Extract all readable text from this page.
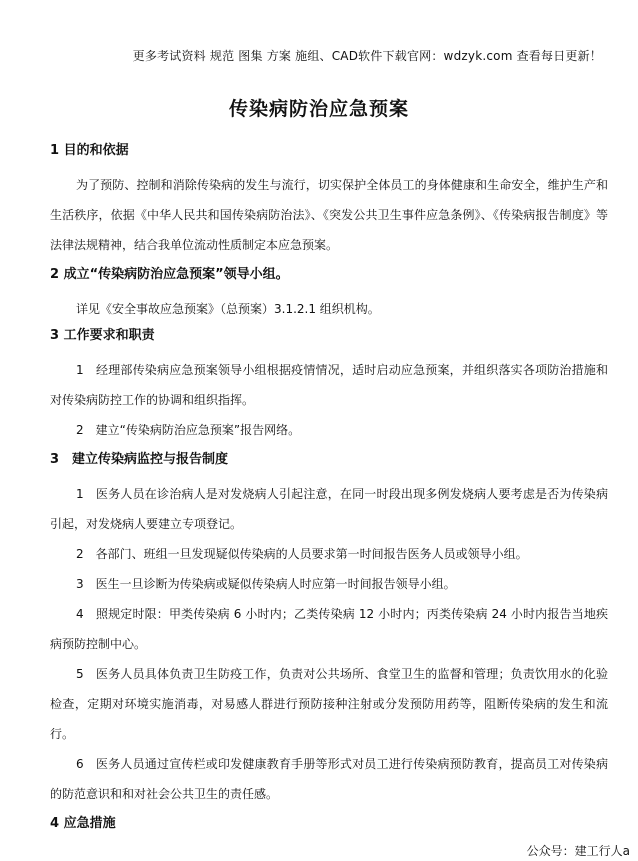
更多考试资料 规范 图集 方案 施组、CAD软件下载官网：wdzyk.com 查看每日更新！
传染病防治应急预案
1 目的和依据
为了预防、控制和消除传染病的发生与流行，切实保护全体员工的身体健康和生命安全，维护生产和生活秩序，依据《中华人民共和国传染病防治法》、《突发公共卫生事件应急条例》、《传染病报告制度》等法律法规精神，结合我单位流动性质制定本应急预案。
2 成立“传染病防治应急预案”领导小组。
详见《安全事故应急预案》（总预案）3.1.2.1 组织机构。
3 工作要求和职责
1　经理部传染病应急预案领导小组根据疫情情况，适时启动应急预案，并组织落实各项防治措施和对传染病防控工作的协调和组织指挥。
2　建立“传染病防治应急预案”报告网络。
3　建立传染病监控与报告制度
1　医务人员在诊治病人是对发烧病人引起注意，在同一时段出现多例发烧病人要考虑是否为传染病引起，对发烧病人要建立专项登记。
2　各部门、班组一旦发现疑似传染病的人员要求第一时间报告医务人员或领导小组。
3　医生一旦诊断为传染病或疑似传染病人时应第一时间报告领导小组。
4　照规定时限：甲类传染病 6 小时内；乙类传染病 12 小时内；丙类传染病 24 小时内报告当地疾病预防控制中心。
5　医务人员具体负责卫生防疫工作，负责对公共场所、食堂卫生的监督和管理；负责饮用水的化验检查，定期对环境实施消毒，对易感人群进行预防接种注射或分发预防用药等，阻断传染病的发生和流行。
6　医务人员通过宣传栏或印发健康教育手册等形式对员工进行传染病预防教育，提高员工对传染病的防范意识和和对社会公共卫生的责任感。
4 应急措施
公众号：建工行人a
